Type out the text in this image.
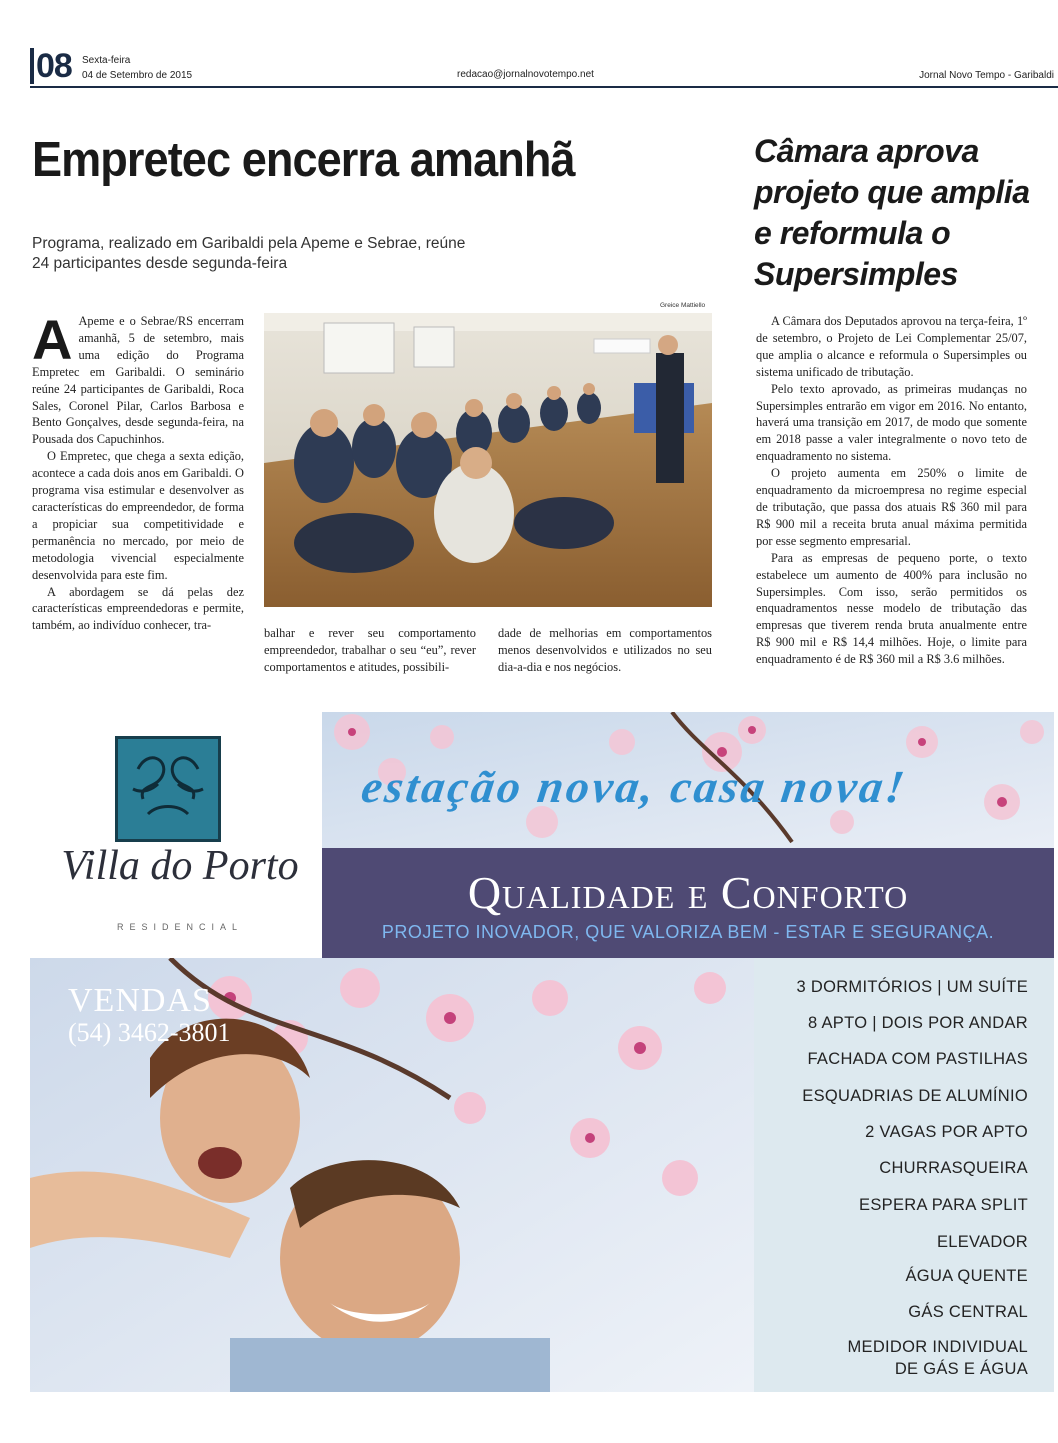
08 Sexta-feira
04 de Setembro de 2015	redacao@jornalnovotempo.net	Jornal Novo Tempo - Garibaldi
Empretec encerra amanhã
Programa, realizado em Garibaldi pela Apeme e Sebrae, reúne 24 participantes desde segunda-feira
A Apeme e o Sebrae/RS encerram amanhã, 5 de setembro, mais uma edição do Programa Empretec em Garibaldi. O seminário reúne 24 participantes de Garibaldi, Roca Sales, Coronel Pilar, Carlos Barbosa e Bento Gonçalves, desde segunda-feira, na Pousada dos Capuchinhos.

O Empretec, que chega a sexta edição, acontece a cada dois anos em Garibaldi. O programa visa estimular e desenvolver as características do empreendedor, de forma a propiciar sua competitividade e permanência no mercado, por meio de metodologia vivencial especialmente desenvolvida para este fim.

A abordagem se dá pelas dez características empreendedoras e permite, também, ao indivíduo conhecer, tra-

Greice Mattiello

balhar e rever seu comportamento empreendedor, trabalhar o seu “eu”, rever comportamentos e atitudes, possibili-

dade de melhorias em comportamentos menos desenvolvidos e utilizados no seu dia-a-dia e nos negócios.

Câmara aprova projeto que amplia e reformula o Supersimples

A Câmara dos Deputados aprovou na terça-feira, 1º de setembro, o Projeto de Lei Complementar 25/07, que amplia o alcance e reformula o Supersimples ou sistema unificado de tributação.

Pelo texto aprovado, as primeiras mudanças no Supersimples entrarão em vigor em 2016. No entanto, haverá uma transição em 2017, de modo que somente em 2018 passe a valer integralmente o novo teto de enquadramento no sistema.

O projeto aumenta em 250% o limite de enquadramento da microempresa no regime especial de tributação, que passa dos atuais R$ 360 mil para R$ 900 mil a receita bruta anual máxima permitida por esse segmento empresarial.

Para as empresas de pequeno porte, o texto estabelece um aumento de 400% para inclusão no Supersimples. Com isso, serão permitidos os enquadramentos nesse modelo de tributação das empresas que tiverem renda bruta anualmente entre R$ 900 mil e R$ 14,4 milhões. Hoje, o limite para enquadramento é de R$ 360 mil a R$ 3.6 milhões.

Villa do Porto
RESIDENCIAL
estação nova, casa nova!
Qualidade e Conforto
PROJETO INOVADOR, QUE VALORIZA BEM - ESTAR E SEGURANÇA.
VENDAS
(54) 3462-3801
3 DORMITÓRIOS | UM SUÍTE
8 APTO | DOIS POR ANDAR
FACHADA COM PASTILHAS
ESQUADRIAS DE ALUMÍNIO
2 VAGAS POR APTO
CHURRASQUEIRA
ESPERA PARA SPLIT
ELEVADOR
ÁGUA QUENTE
GÁS CENTRAL
MEDIDOR INDIVIDUAL
DE GÁS E ÁGUA
